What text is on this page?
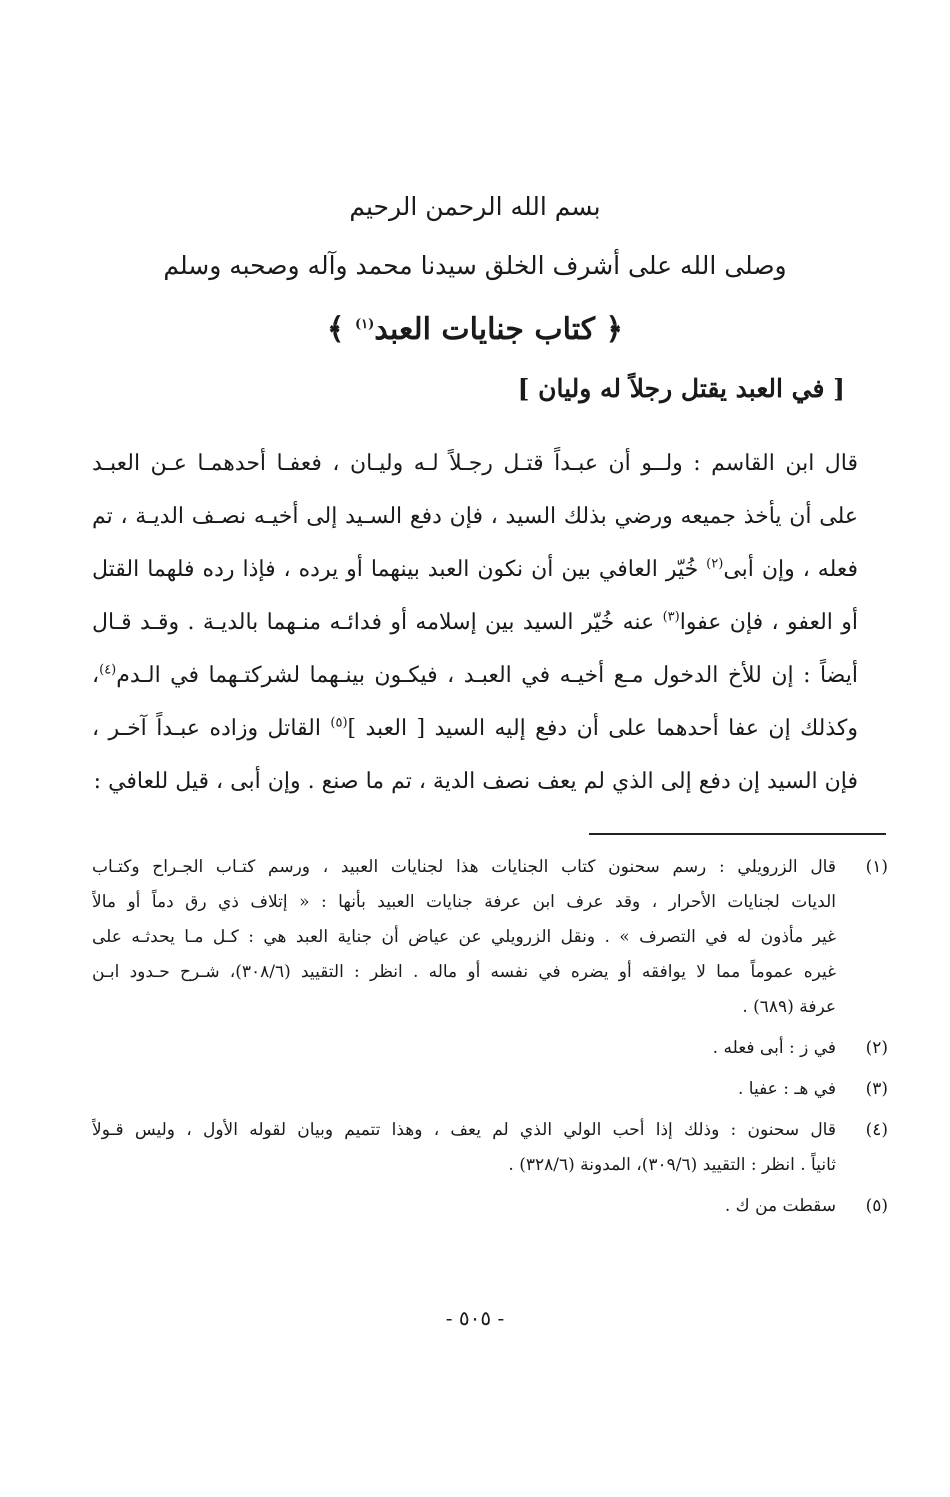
بسم الله الرحمن الرحيم
وصلى الله على أشرف الخلق سيدنا محمد وآله وصحبه وسلم
﴿ كتاب جنايات العبد$^{(١)}$ ﴾
[ في العبد يقتل رجلاً له وليان ]
قال ابن القاسم : ولــو أن عبـداً قتـل رجـلاً لـه وليـان ، فعفـا أحدهمـا عـن العبـد
على أن يأخذ جميعه ورضي بذلك السيد ، فإن دفع السـيد إلى أخيـه نصـف الديـة ، تم
فعله ، وإن أبى$^{(٢)}$ خُيّر العافي بين أن نكون العبد بينهما أو يرده ، فإذا رده فلهما القتل
أو العفو ، فإن عفوا$^{(٣)}$ عنه خُيّر السيد بين إسلامه أو فدائـه منـهما بالديـة . وقـد قـال
أيضاً : إن للأخ الدخول مـع أخيـه في العبـد ، فيكـون بينـهما لشركتـهما في الـدم$^{(٤)}$،
وكذلك إن عفا أحدهما على أن دفع إليه السيد [ العبد ]$^{(٥)}$ القاتل وزاده عبـداً آخـر ،
فإن السيد إن دفع إلى الذي لم يعف نصف الدية ، تم ما صنع . وإن أبى ، قيل للعافي :
(١)
قال الزرويلي : رسم سحنون كتاب الجنايات هذا لجنايات العبيد ، ورسم كتـاب الجـراح وكتـاب
الديات لجنايات الأحرار ، وقد عرف ابن عرفة جنايات العبيد بأنها : « إتلاف ذي رق دماً أو مالاً
غير مأذون له في التصرف » . ونقل الزرويلي عن عياض أن جناية العبد هي : كـل مـا يحدثـه على
غيره عموماً مما لا يوافقه أو يضره في نفسه أو ماله . انظر : التقييد (٣٠٨/٦)، شـرح حـدود ابـن
عرفة (٦٨٩) .
(٢)
في ز : أبى فعله .
(٣)
في هـ : عفيا .
(٤)
قال سحنون : وذلك إذا أحب الولي الذي لم يعف ، وهذا تتميم وبيان لقوله الأول ، وليس قـولاً
ثانياً . انظر : التقييد (٣٠٩/٦)، المدونة (٣٢٨/٦) .
(٥)
سقطت من ك .
- ٥٠٥ -
